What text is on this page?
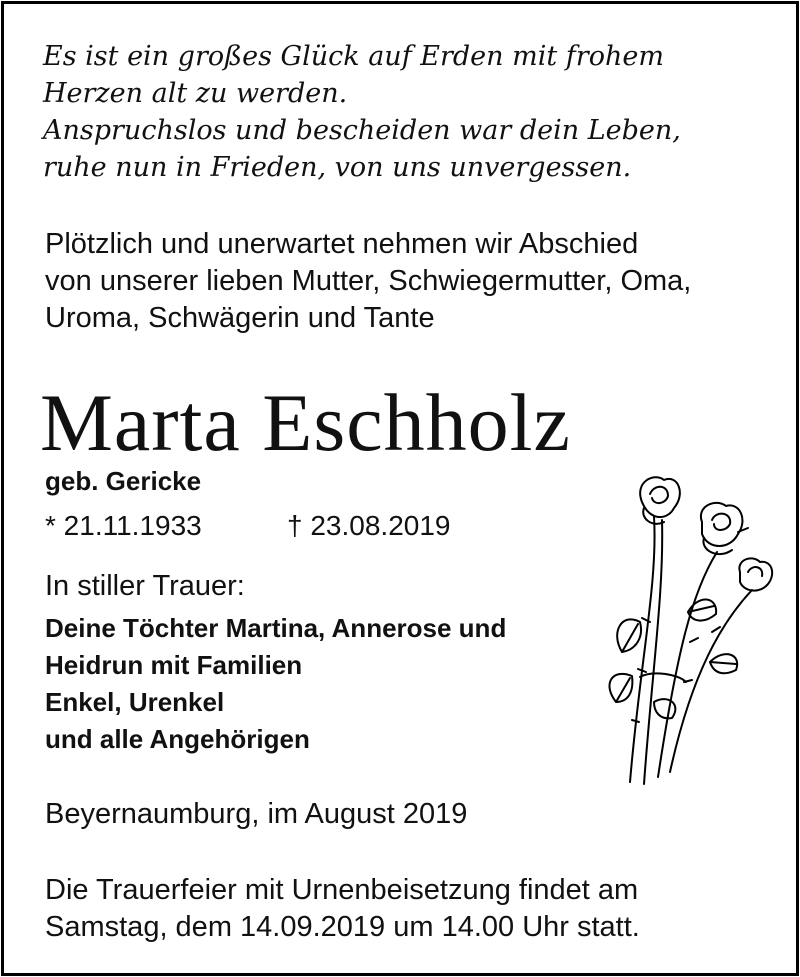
Es ist ein großes Glück auf Erden mit frohem
Herzen alt zu werden.
Anspruchslos und bescheiden war dein Leben,
ruhe nun in Frieden, von uns unvergessen.
Plötzlich und unerwartet nehmen wir Abschied
von unserer lieben Mutter, Schwiegermutter, Oma,
Uroma, Schwägerin und Tante
Marta Eschholz
geb. Gericke
* 21.11.1933	† 23.08.2019
In stiller Trauer:
Deine Töchter Martina, Annerose und
Heidrun mit Familien
Enkel, Urenkel
und alle Angehörigen
Beyernaumburg, im August 2019
Die Trauerfeier mit Urnenbeisetzung findet am
Samstag, dem 14.09.2019 um 14.00 Uhr statt.
